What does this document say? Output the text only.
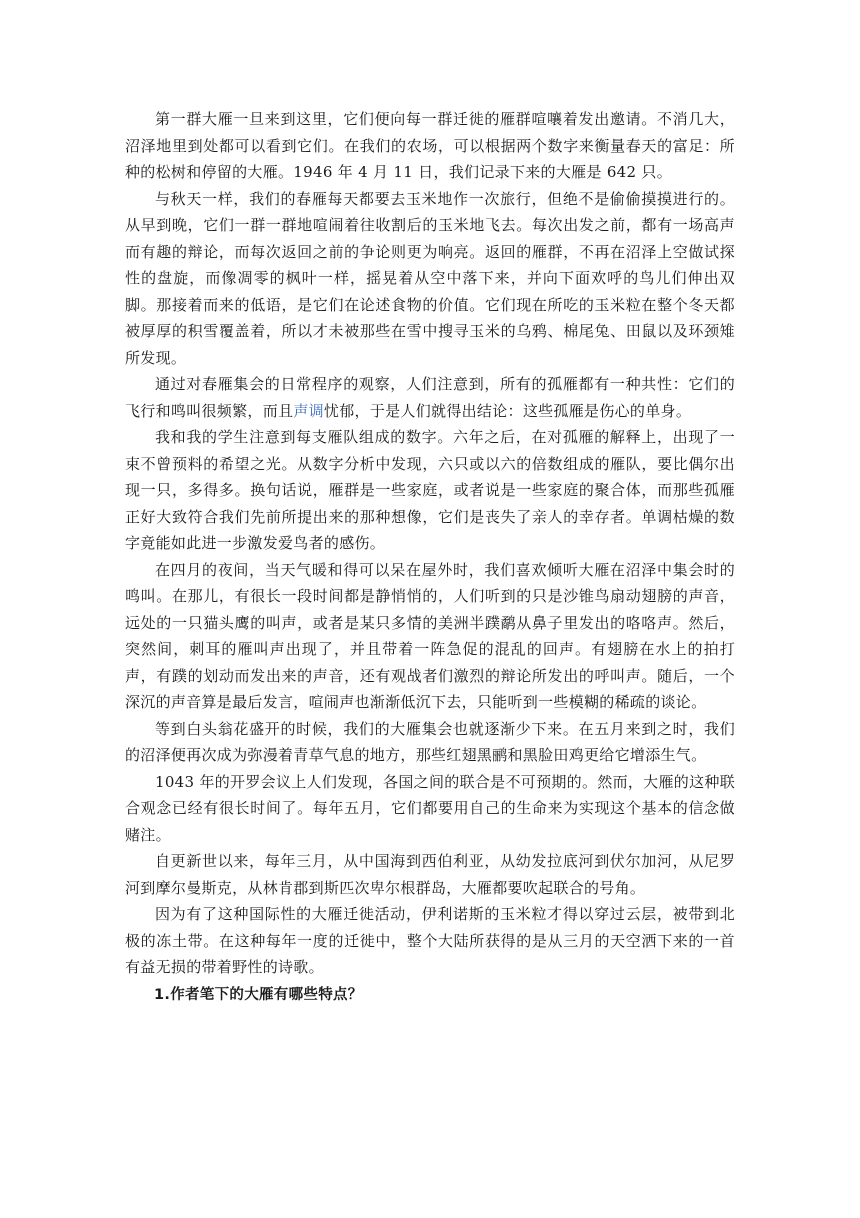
第一群大雁一旦来到这里，它们便向每一群迁徙的雁群喧嚷着发出邀请。不消几大，沼泽地里到处都可以看到它们。在我们的农场，可以根据两个数字来衡量春天的富足：所种的松树和停留的大雁。1946 年 4 月 11 日，我们记录下来的大雁是 642 只。

与秋天一样，我们的春雁每天都要去玉米地作一次旅行，但绝不是偷偷摸摸进行的。从早到晚，它们一群一群地喧闹着往收割后的玉米地飞去。每次出发之前，都有一场高声而有趣的辩论，而每次返回之前的争论则更为响亮。返回的雁群，不再在沼泽上空做试探性的盘旋，而像凋零的枫叶一样，摇晃着从空中落下来，并向下面欢呼的鸟儿们伸出双脚。那接着而来的低语，是它们在论述食物的价值。它们现在所吃的玉米粒在整个冬天都被厚厚的积雪覆盖着，所以才未被那些在雪中搜寻玉米的乌鸦、棉尾兔、田鼠以及环颈雉所发现。

通过对春雁集会的日常程序的观察，人们注意到，所有的孤雁都有一种共性：它们的飞行和鸣叫很频繁，而且声调忧郁，于是人们就得出结论：这些孤雁是伤心的单身。

我和我的学生注意到每支雁队组成的数字。六年之后，在对孤雁的解释上，出现了一束不曾预料的希望之光。从数字分析中发现，六只或以六的倍数组成的雁队，要比偶尔出现一只，多得多。换句话说，雁群是一些家庭，或者说是一些家庭的聚合体，而那些孤雁正好大致符合我们先前所提出来的那种想像，它们是丧失了亲人的幸存者。单调枯燥的数字竟能如此进一步激发爱鸟者的感伤。

在四月的夜间，当天气暖和得可以呆在屋外时，我们喜欢倾听大雁在沼泽中集会时的鸣叫。在那儿，有很长一段时间都是静悄悄的，人们听到的只是沙锥鸟扇动翅膀的声音，远处的一只猫头鹰的叫声，或者是某只多情的美洲半蹼鹬从鼻子里发出的咯咯声。然后，突然间，刺耳的雁叫声出现了，并且带着一阵急促的混乱的回声。有翅膀在水上的拍打声，有蹼的划动而发出来的声音，还有观战者们激烈的辩论所发出的呼叫声。随后，一个深沉的声音算是最后发言，喧闹声也渐渐低沉下去，只能听到一些模糊的稀疏的谈论。

等到白头翁花盛开的时候，我们的大雁集会也就逐渐少下来。在五月来到之时，我们的沼泽便再次成为弥漫着青草气息的地方，那些红翅黑鹂和黑脸田鸡更给它增添生气。

1043 年的开罗会议上人们发现，各国之间的联合是不可预期的。然而，大雁的这种联合观念已经有很长时间了。每年五月，它们都要用自己的生命来为实现这个基本的信念做赌注。

自更新世以来，每年三月，从中国海到西伯利亚，从幼发拉底河到伏尔加河，从尼罗河到摩尔曼斯克，从林肯郡到斯匹次卑尔根群岛，大雁都要吹起联合的号角。

因为有了这种国际性的大雁迁徙活动，伊利诺斯的玉米粒才得以穿过云层，被带到北极的冻土带。在这种每年一度的迁徙中，整个大陆所获得的是从三月的天空洒下来的一首有益无损的带着野性的诗歌。

1.作者笔下的大雁有哪些特点？
